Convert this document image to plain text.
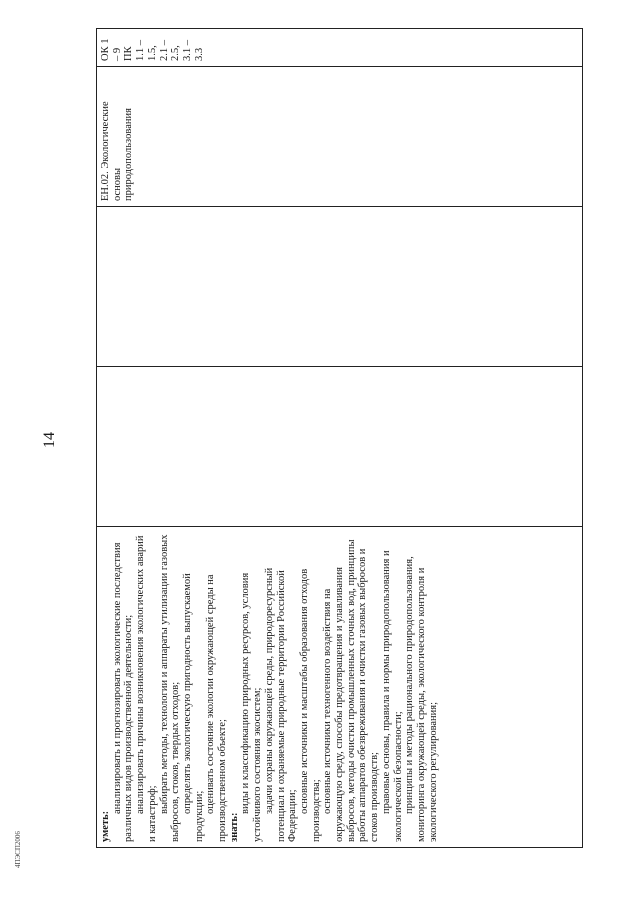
14
4ПЭСП2006
уметь:
анализировать и прогнозировать экологические последствия различных видов производственной деятельности; анализировать причины возникновения экологических аварий и катастроф; выбирать методы, технологии и аппараты утилизации газовых выбросов, стоков, твердых отходов; определять экологическую пригодность выпускаемой продукции;
оценивать состояние экологии окружающей среды на производственном объекте; знать:
виды и классификацию природных ресурсов, условия устойчивого состояния экосистем; задачи охраны окружающей среды, природоресурсный потенциал и охраняемые природные территории Российской Федерации;
основные источники и масштабы образования отходов производства; основные источники техногенного воздействия на окружающую среду, способы предотвращения и улавливания выбросов, методы очистки промышленных сточных вод, принципы работы аппаратов обезвреживания и очистки газовых выбросов и стоков производств; правовые основы, правила и нормы природопользования и экологической безопасности; принципы и методы рационального природопользования, мониторинга окружающей среды, экологического контроля и экологического регулирования;
ЕН.02. Экологические основы природопользования
ОК 1 – 9 ПК 1.1 – 1.5, 2.1 – 2.5, 3.1 – 3.3
